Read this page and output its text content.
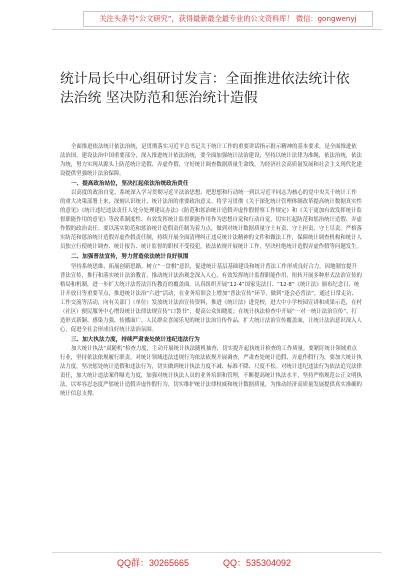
关注头条号“公文研究”，获得最新最全最专业的公文资料库！ 微信：gongwenyj
统计局长中心组研讨发言：全面推进依法统计依法治统 坚决防范和惩治统计造假

全面推进依法统计依法治统，是贯彻落实习近平总书记关于统计工作的重要讲话指示批示精神的基本要求，是全面推进依法治国，建设法治中国重要部分，深入推进统计依法治统，要全面加强统计法治建设，坚持以统计法律为准绳，依法治统，依法为统，努力实现从源头上防范统计造假、弄虚作假，守好统计调查数据质量生命线，为经济社会高质量发展和社会主义现代化建设提供坚强统计法治保障。

一、提高政治站位，坚决扛起依法治统政治责任

以高度的政治自觉、系统深入学习贯彻习近平法治思想，把思想和行动统一到以习近平同志为核心的党中央关于统计工作的重大决策部署上来，深刻认识统计、统计法治的重要政治意义。将学习贯彻《关于深化统计管理体制改革提高统计数据真实性的意见》《统计违纪违法责任人处分处理建议办法》《防范和惩治统计造假弄虚作假督察工作规定》和《关于更加有效发挥统计监督职能作用的意见》等改革制度性、有效发挥统计监督职能作用作为思想自觉和行动自觉，切实扛起防范和惩治统计造假、弄虚作假的政治责任。要以落实防范和惩治统计造假责任制为着力点，做到对统计数据质量守土有责、守土担责、守土尽责。严格落实防范和惩治统计造假弄虚作假责任制，持续开展全面清理纠正违反统计法精神的文件和做法工作，保障统计调查机构和统计人员独立行使统计调查、统计报告、统计监督的职权不受侵犯，依法依规开展统计工作，坚决杜绝统计造假弄虚作假等问题发生。

二、加强普法宣传，努力营造依法统计良好氛围

坚持系统思维、拓展创新思路，树立“一盘棋”意识，促进统计基层基础建设和统计普法工作形成良好合力。因地制宜提升普法宣传，推行和落实统计法治教育，推动统计法治观念深入人心，有效发挥统计监督职能作用，扭转开展多种形式法治宣传的格局和机制，进一步扩大统计法普法宣传教育的覆盖面。认真组织开展“12·4”国家宪法日、“12·8”《统计法》颁布纪念日、统计开放日等重要节点，推进统计法治“六进”活动，在业务培训会上增加“普法宣传”环节，做到“逢会必普法”，通过日常走访、工作交流等活动，向有关部门（单位）发放统计法治宣传资料，推进《统计法》进党校，进大中小学校园宣讲和成果示范，在村（社区）便民服务中心增设统计法律法规宣传“口袋书”，提高公众知晓度；在统计执法检查中开展“一对一统计法治宣传”，打造形式新颖、感染力强、传播面广、人民群众喜闻乐见的统计法治宣传作品，扩大统计法治宣传覆盖面，让统计法治意识深入人心，促进全社会形成良好统计法治氛围。

三、加大执法力度，持续严肃查处统计违纪违法行为

加大统计执法“双随机”检查力度，主动开展统计执法随机抽查，切实提升起执统计检查的工作质量。要紧盯统计领域重点行业，坚持依法依规履行职责，对统计领域违法违规行为依法依规开展调查，严肃查处统计造假、弄虚作假行为，要加大统计执法力度，坚决惩处统计造假和违法行为，切实做到统计执法力度不减、标准不降、尺度不松。对统计违纪违法行为依法追究法律责任，加大统计违法案件曝光力度，加强对统计执法人员的业务培训和管理，不断提高统计执法水平，坚持严格规范公正文明执法，以零容忍态度严惩统计造假弄虚作假行为，切实维护统计法律权威和统计数据质量，为推动经济高质量发展提供真实准确的统计信息支撑。

QQ群：30265665	QQ：535304092
